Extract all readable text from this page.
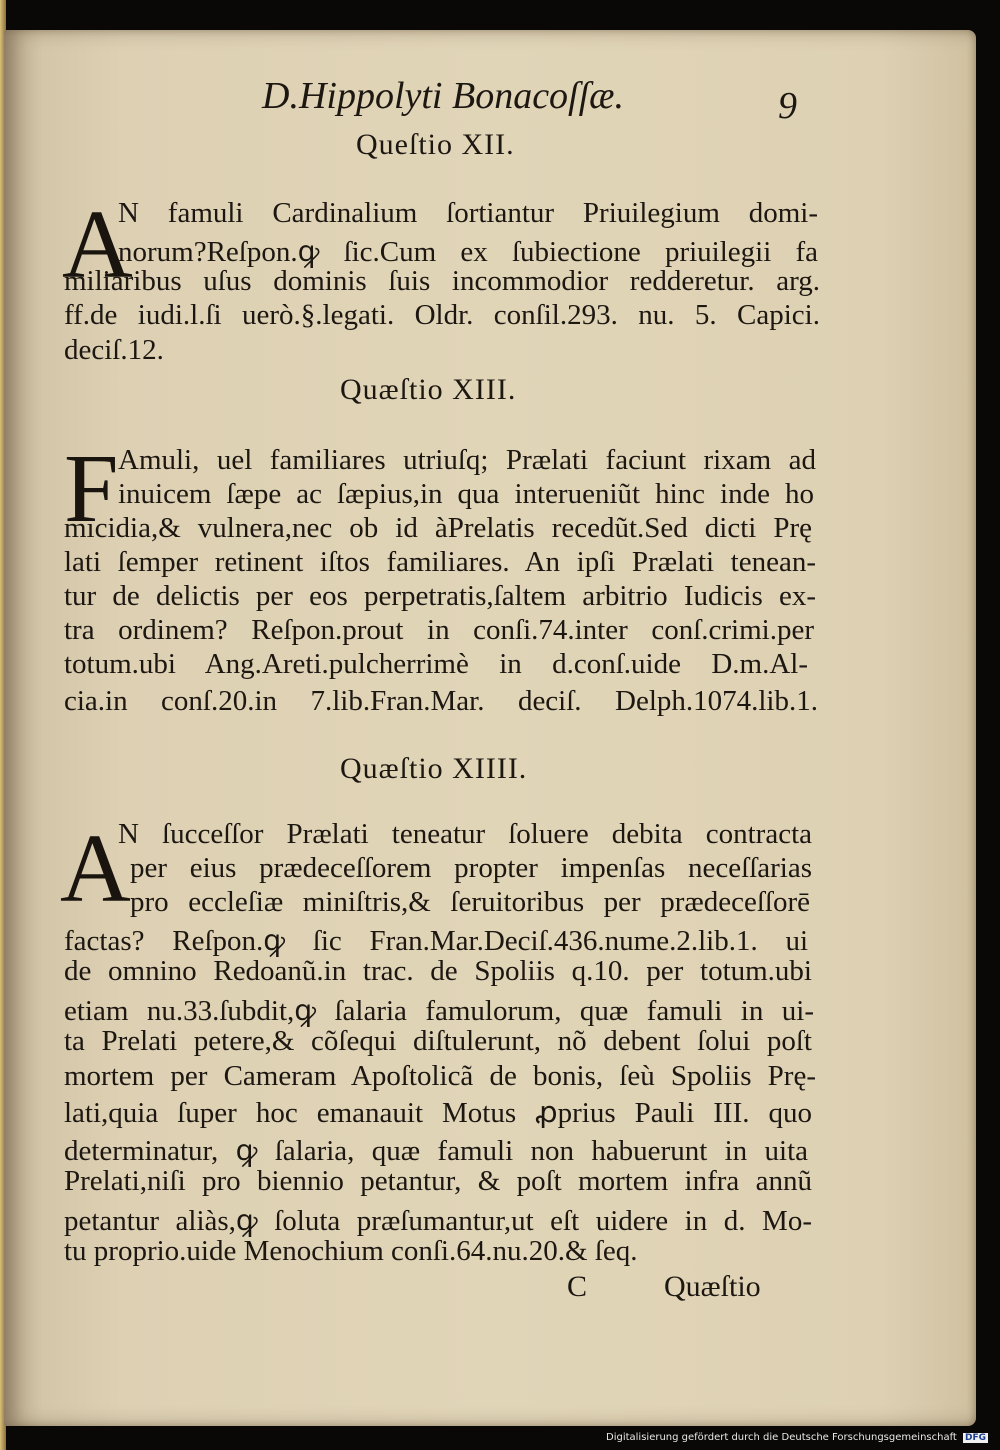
D.Hippolyti Bonacoſſæ.	9
Queſtio XII.
A
N famuli Cardinalium ſortiantur Priuilegium domi-
norum?Reſpon.ꝙ ſic.Cum ex ſubiectione priuilegii fa
miliaribus uſus dominis ſuis incommodior redderetur. arg.
ff.de iudi.l.ſi uerò.§.legati. Oldr. conſil.293. nu. 5. Capici.
deciſ.12.
Quæſtio XIII.
F Amuli, uel familiares utriuſq; Prælati faciunt rixam ad
inuicem ſæpe ac ſæpius,in qua interueniũt hinc inde ho
micidia,& vulnera,nec ob id àPrelatis recedũt.Sed dicti Prę
lati ſemper retinent iſtos familiares. An ipſi Prælati tenean-
tur de delictis per eos perpetratis,ſaltem arbitrio Iudicis ex-
tra ordinem? Reſpon.prout in conſi.74.inter conſ.crimi.per
totum.ubi Ang.Areti.pulcherrimè in d.conſ.uide D.m.Al-
cia.in conſ.20.in 7.lib.Fran.Mar. deciſ. Delph.1074.lib.1.
Quæſtio XIIII.
A
N ſucceſſor Prælati teneatur ſoluere debita contracta
per eius prædeceſſorem propter impenſas neceſſarias
pro eccleſiæ miniſtris,& ſeruitoribus per prædeceſſorē
factas? Reſpon.ꝙ ſic Fran.Mar.Deciſ.436.nume.2.lib.1. ui
de omnino Redoanũ.in trac. de Spoliis q.10. per totum.ubi
etiam nu.33.ſubdit,ꝙ ſalaria famulorum, quæ famuli in ui-
ta Prelati petere,& cõſequi diſtulerunt, nõ debent ſolui poſt
mortem per Cameram Apoſtolicã de bonis, ſeù Spoliis Prę-
lati,quia ſuper hoc emanauit Motus ꝓprius Pauli III. quo
determinatur, ꝙ ſalaria, quæ famuli non habuerunt in uita
Prelati,niſi pro biennio petantur, & poſt mortem infra annũ
petantur aliàs,ꝙ ſoluta præſumantur,ut eſt uidere in d. Mo-
tu proprio.uide Menochium conſi.64.nu.20.& ſeq.
C	Quæſtio
Digitalisierung gefördert durch die Deutsche Forschungsgemeinschaft DFG
